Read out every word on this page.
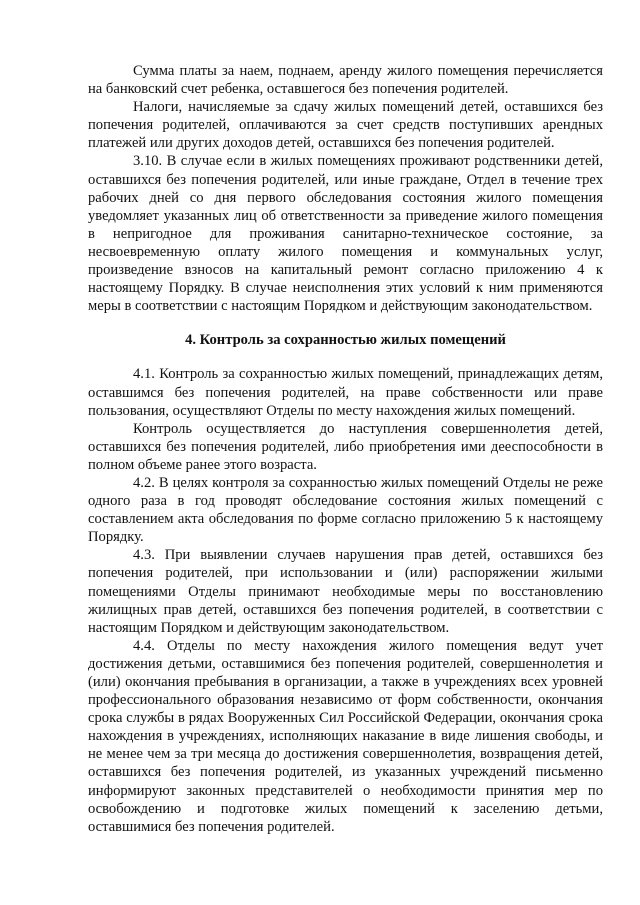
Сумма платы за наем, поднаем, аренду жилого помещения перечисляется на банковский счет ребенка, оставшегося без попечения родителей.

Налоги, начисляемые за сдачу жилых помещений детей, оставшихся без попечения родителей, оплачиваются за счет средств поступивших арендных платежей или других доходов детей, оставшихся без попечения родителей.

3.10. В случае если в жилых помещениях проживают родственники детей, оставшихся без попечения родителей, или иные граждане, Отдел в течение трех рабочих дней со дня первого обследования состояния жилого помещения уведомляет указанных лиц об ответственности за приведение жилого помещения в непригодное для проживания санитарно-техническое состояние, за несвоевременную оплату жилого помещения и коммунальных услуг, произведение взносов на капитальный ремонт согласно приложению 4 к настоящему Порядку. В случае неисполнения этих условий к ним применяются меры в соответствии с настоящим Порядком и действующим законодательством.

4. Контроль за сохранностью жилых помещений

4.1. Контроль за сохранностью жилых помещений, принадлежащих детям, оставшимся без попечения родителей, на праве собственности или праве пользования, осуществляют Отделы по месту нахождения жилых помещений.

Контроль осуществляется до наступления совершеннолетия детей, оставшихся без попечения родителей, либо приобретения ими дееспособности в полном объеме ранее этого возраста.

4.2. В целях контроля за сохранностью жилых помещений Отделы не реже одного раза в год проводят обследование состояния жилых помещений с составлением акта обследования по форме согласно приложению 5 к настоящему Порядку.

4.3. При выявлении случаев нарушения прав детей, оставшихся без попечения родителей, при использовании и (или) распоряжении жилыми помещениями Отделы принимают необходимые меры по восстановлению жилищных прав детей, оставшихся без попечения родителей, в соответствии с настоящим Порядком и действующим законодательством.

4.4. Отделы по месту нахождения жилого помещения ведут учет достижения детьми, оставшимися без попечения родителей, совершеннолетия и (или) окончания пребывания в организации, а также в учреждениях всех уровней профессионального образования независимо от форм собственности, окончания срока службы в рядах Вооруженных Сил Российской Федерации, окончания срока нахождения в учреждениях, исполняющих наказание в виде лишения свободы, и не менее чем за три месяца до достижения совершеннолетия, возвращения детей, оставшихся без попечения родителей, из указанных учреждений письменно информируют законных представителей о необходимости принятия мер по освобождению и подготовке жилых помещений к заселению детьми, оставшимися без попечения родителей.
